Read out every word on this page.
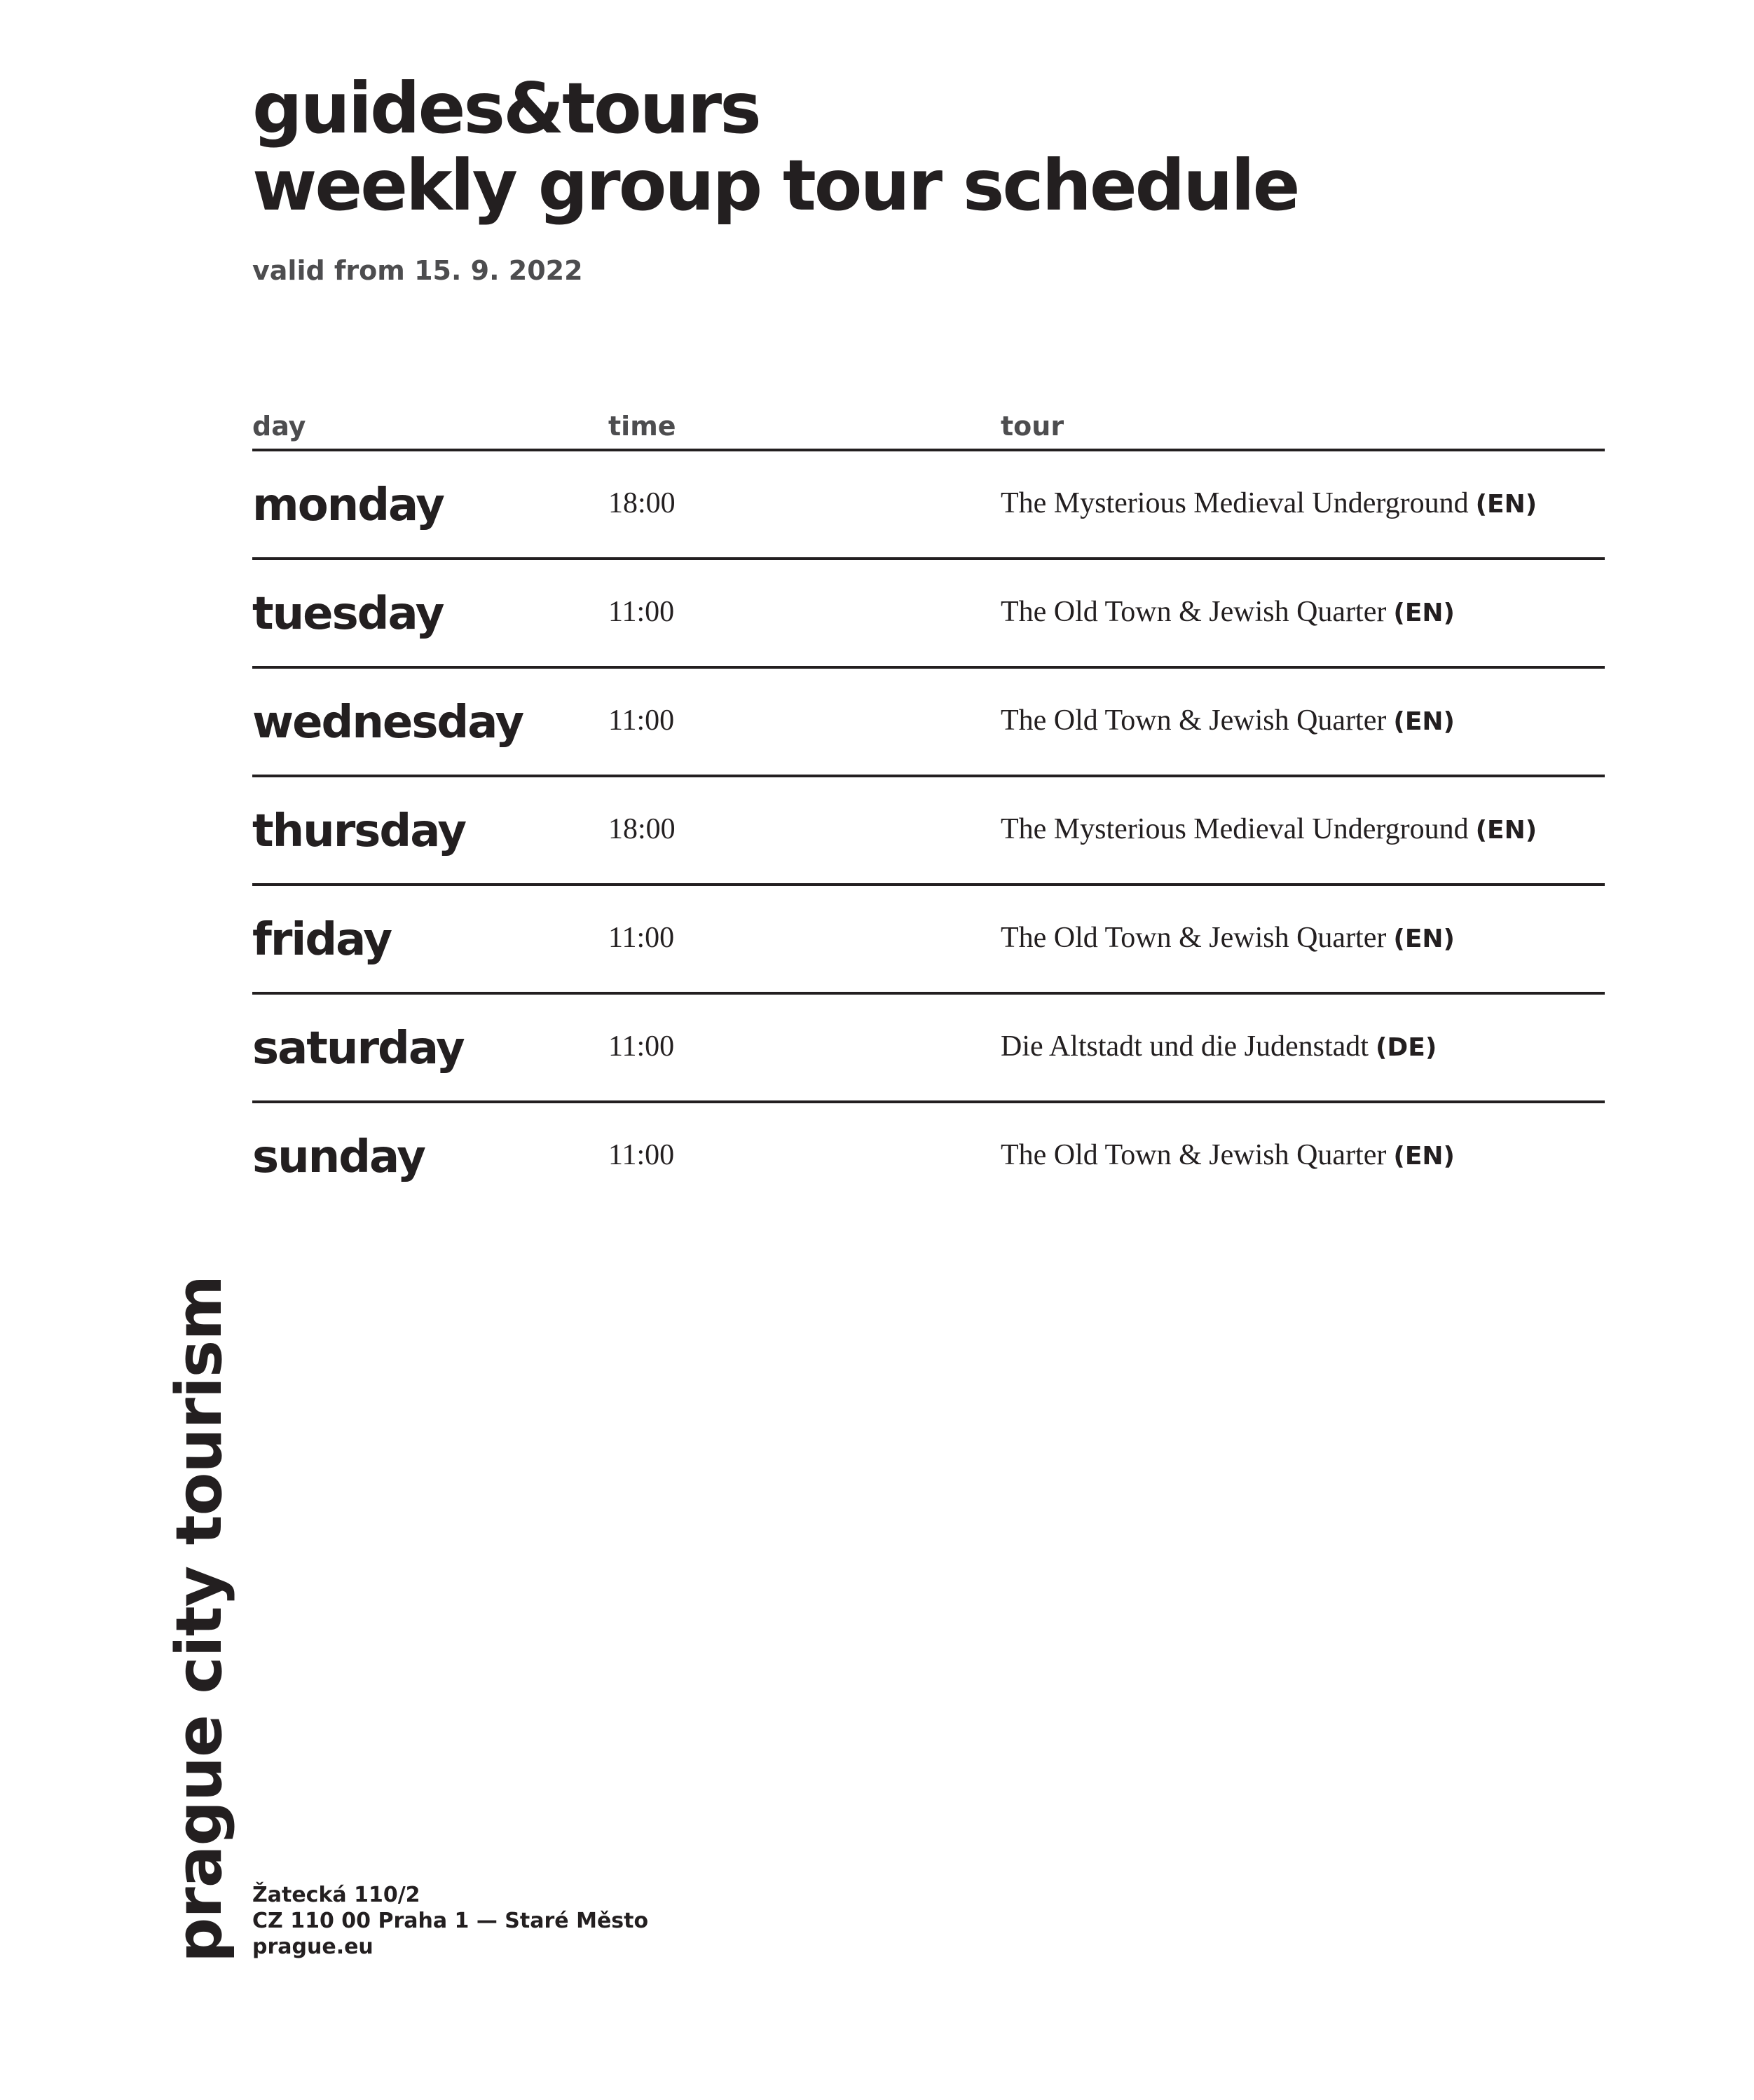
guides&tours
weekly group tour schedule
valid from 15. 9. 2022
day	time	tour
monday	18:00	The Mysterious Medieval Underground (EN)
tuesday	11:00	The Old Town & Jewish Quarter (EN)
wednesday	11:00	The Old Town & Jewish Quarter (EN)
thursday	18:00	The Mysterious Medieval Underground (EN)
friday	11:00	The Old Town & Jewish Quarter (EN)
saturday	11:00	Die Altstadt und die Judenstadt (DE)
sunday	11:00	The Old Town & Jewish Quarter (EN)
prague city tourism Žatecká 110/2
CZ 110 00 Praha 1 — Staré Město
prague.eu
